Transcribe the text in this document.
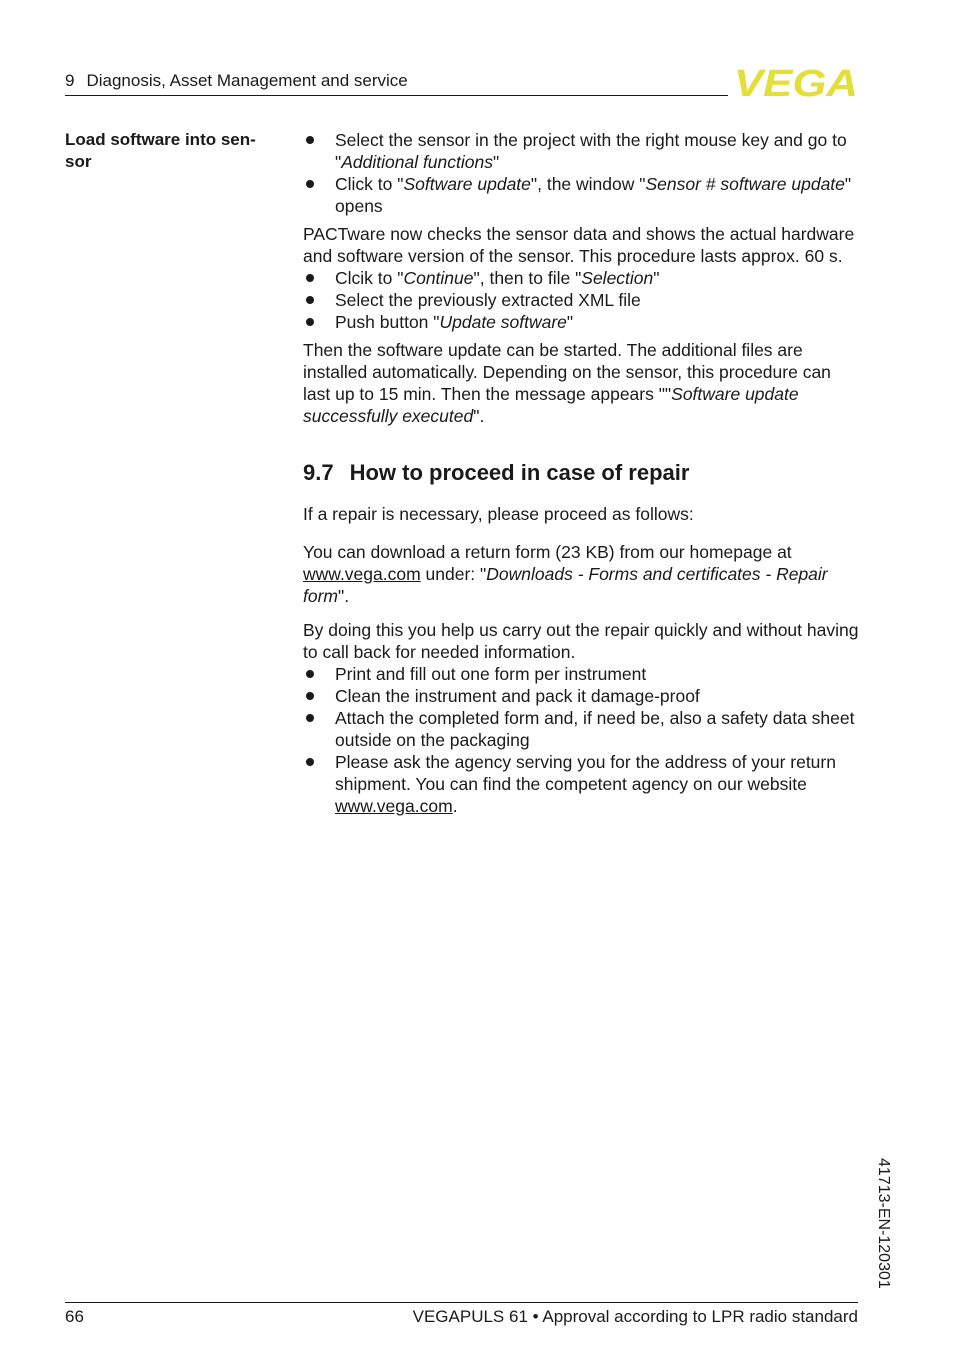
9 Diagnosis, Asset Management and service	VEGA
Load software into sen-sor
Select the sensor in the project with the right mouse key and go to "Additional functions"
Click to "Software update", the window "Sensor # software update" opens

PACTware now checks the sensor data and shows the actual hardware and software version of the sensor. This procedure lasts approx. 60 s.

Clcik to "Continue", then to file "Selection"
Select the previously extracted XML file
Push button "Update software"

Then the software update can be started. The additional files are installed automatically. Depending on the sensor, this procedure can last up to 15 min. Then the message appears ""Software update successfully executed".

9.7 How to proceed in case of repair

If a repair is necessary, please proceed as follows:

You can download a return form (23 KB) from our homepage at www.vega.com under: "Downloads - Forms and certificates - Repair form".

By doing this you help us carry out the repair quickly and without having to call back for needed information.

Print and fill out one form per instrument
Clean the instrument and pack it damage-proof
Attach the completed form and, if need be, also a safety data sheet outside on the packaging
Please ask the agency serving you for the address of your return shipment. You can find the competent agency on our website www.vega.com.
41713-EN-120301
66	VEGAPULS 61 • Approval according to LPR radio standard
